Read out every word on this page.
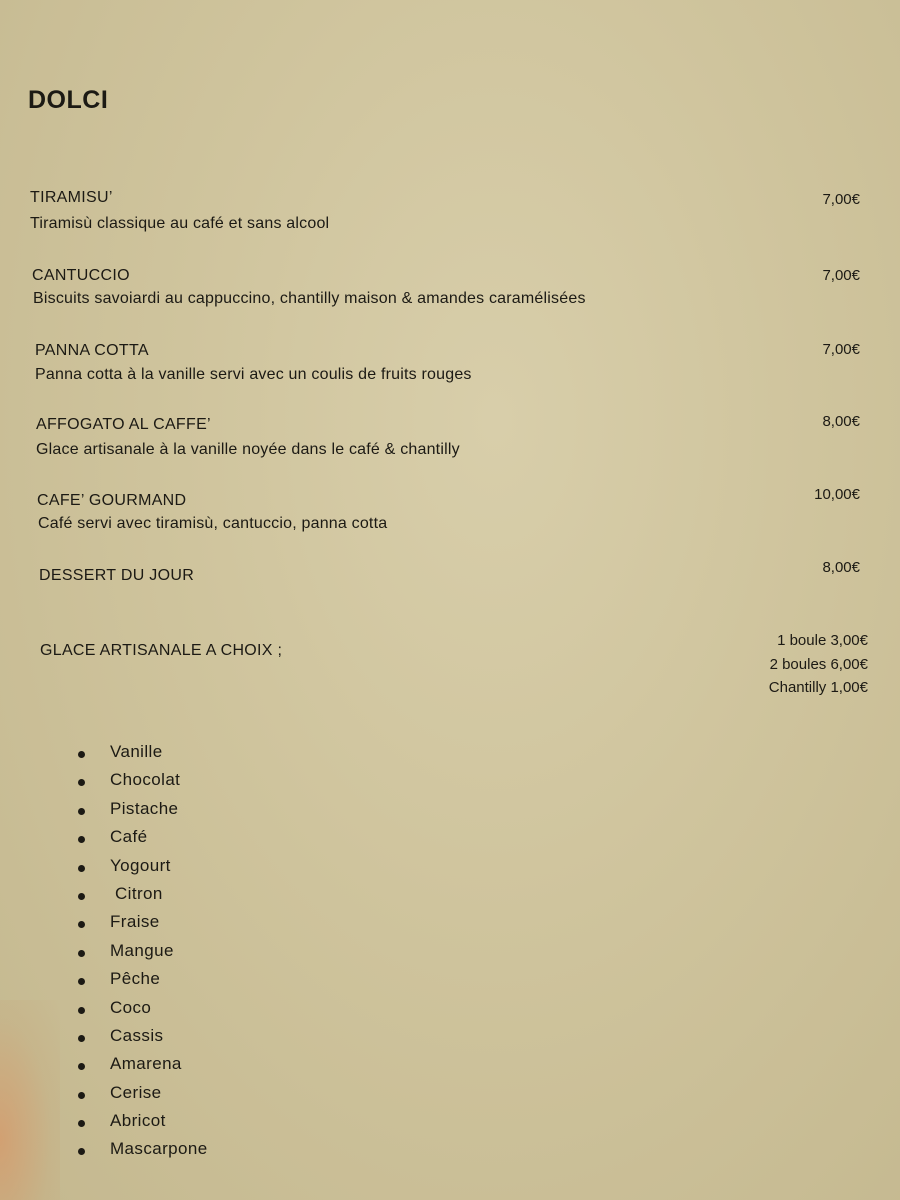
DOLCI
TIRAMISU’	7,00€
Tiramisù classique au café et sans alcool
CANTUCCIO	7,00€
Biscuits savoiardi au cappuccino, chantilly maison & amandes caramélisées
PANNA COTTA	7,00€
Panna cotta à la vanille servi avec un coulis de fruits rouges
AFFOGATO AL CAFFE’	8,00€
Glace artisanale à la vanille noyée dans le café & chantilly
CAFE’ GOURMAND	10,00€
Café servi avec tiramisù, cantuccio, panna cotta
DESSERT DU JOUR	8,00€
GLACE ARTISANALE A CHOIX ;
1 boule 3,00€
2 boules 6,00€
Chantilly 1,00€
Vanille
Chocolat
Pistache
Café
Yogourt
Citron
Fraise
Mangue
Pêche
Coco
Cassis
Amarena
Cerise
Abricot
Mascarpone
